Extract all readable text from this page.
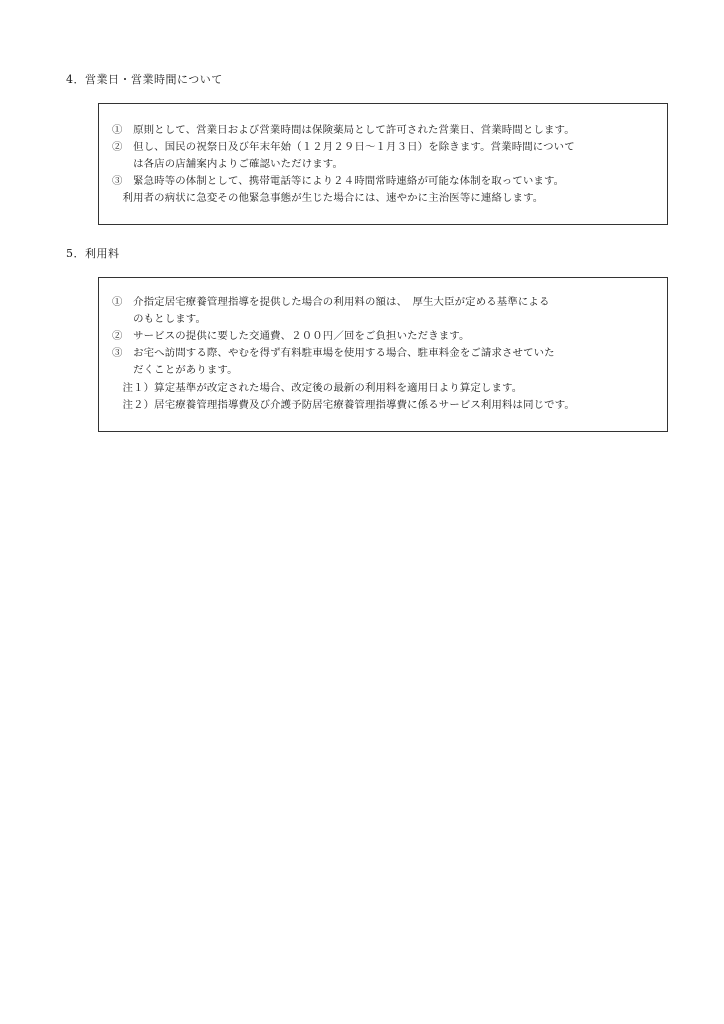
4．営業日・営業時間について
①　原則として、営業日および営業時間は保険薬局として許可された営業日、営業時間とします。
②　但し、国民の祝祭日及び年末年始（１２月２９日～１月３日）を除きます。営業時間について
　　は各店の店舗案内よりご確認いただけます。
③　緊急時等の体制として、携帯電話等により２４時間常時連絡が可能な体制を取っています。
　利用者の病状に急変その他緊急事態が生じた場合には、速やかに主治医等に連絡します。
5．利用料
①　介指定居宅療養管理指導を提供した場合の利用料の額は、　厚生大臣が定める基準による
　　のもとします。
②　サービスの提供に要した交通費、２００円／回をご負担いただきます。
③　お宅へ訪問する際、やむを得ず有料駐車場を使用する場合、駐車料金をご請求させていた
　　だくことがあります。
　注１）算定基準が改定された場合、改定後の最新の利用料を適用日より算定します。
　注２）居宅療養管理指導費及び介護予防居宅療養管理指導費に係るサービス利用料は同じです。
